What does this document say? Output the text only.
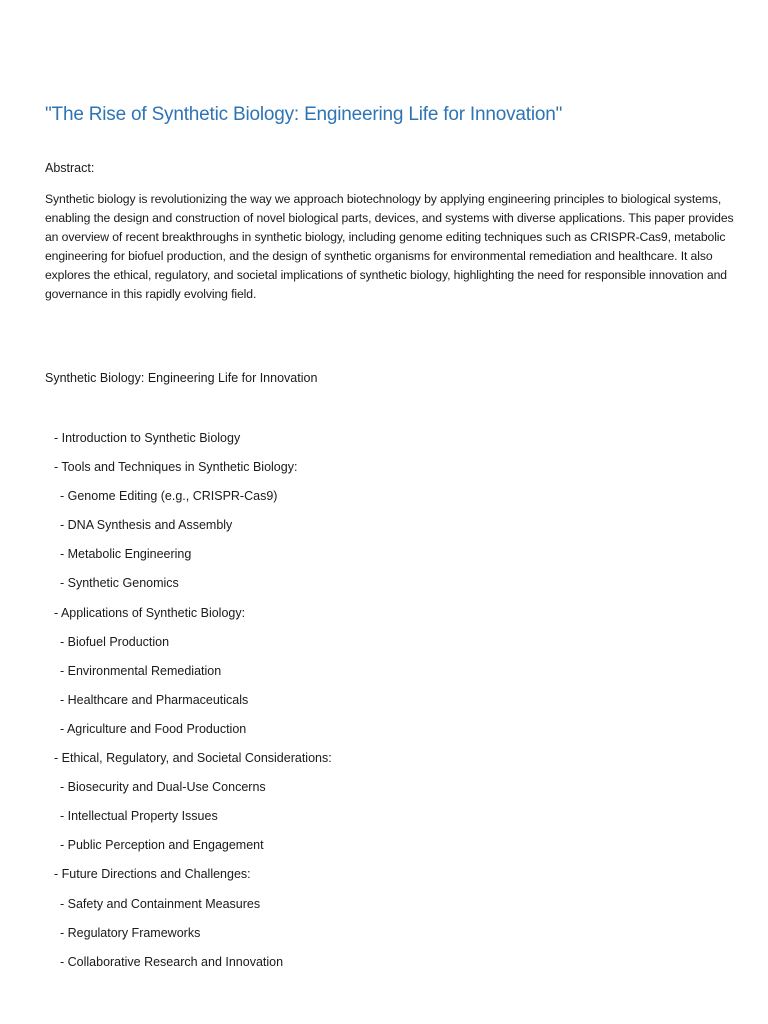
"The Rise of Synthetic Biology: Engineering Life for Innovation"
Abstract:
Synthetic biology is revolutionizing the way we approach biotechnology by applying engineering principles to biological systems, enabling the design and construction of novel biological parts, devices, and systems with diverse applications. This paper provides an overview of recent breakthroughs in synthetic biology, including genome editing techniques such as CRISPR-Cas9, metabolic engineering for biofuel production, and the design of synthetic organisms for environmental remediation and healthcare. It also explores the ethical, regulatory, and societal implications of synthetic biology, highlighting the need for responsible innovation and governance in this rapidly evolving field.
Synthetic Biology: Engineering Life for Innovation
- Introduction to Synthetic Biology
- Tools and Techniques in Synthetic Biology:
- Genome Editing (e.g., CRISPR-Cas9)
- DNA Synthesis and Assembly
- Metabolic Engineering
- Synthetic Genomics
- Applications of Synthetic Biology:
- Biofuel Production
- Environmental Remediation
- Healthcare and Pharmaceuticals
- Agriculture and Food Production
- Ethical, Regulatory, and Societal Considerations:
- Biosecurity and Dual-Use Concerns
- Intellectual Property Issues
- Public Perception and Engagement
- Future Directions and Challenges:
- Safety and Containment Measures
- Regulatory Frameworks
- Collaborative Research and Innovation
